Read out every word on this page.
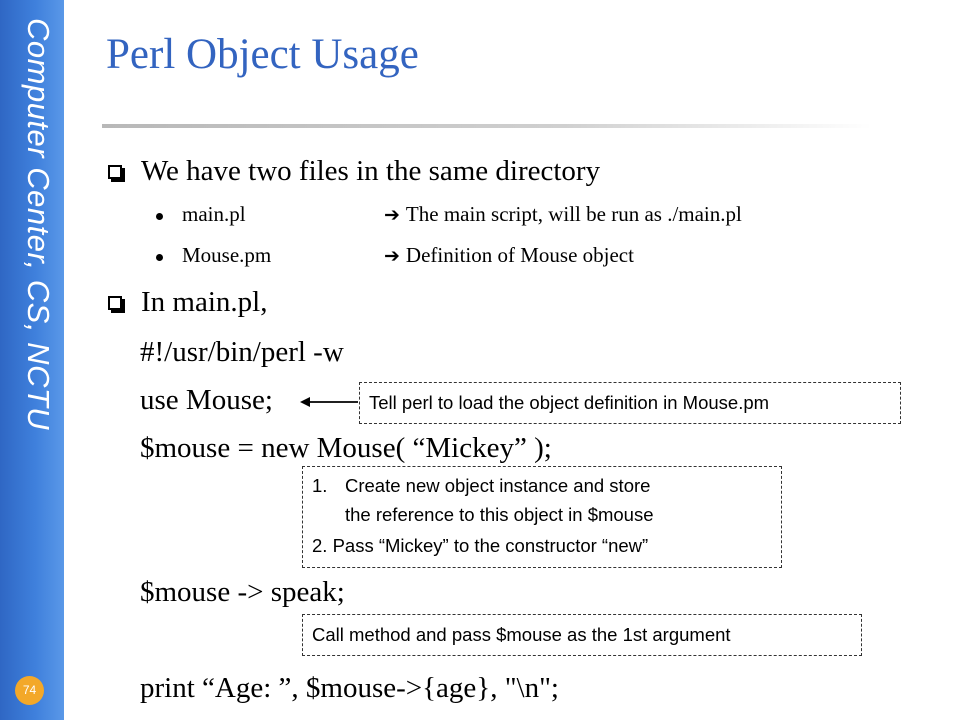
Computer Center, CS, NCTU
74
Perl Object Usage
We have two files in the same directory
main.pl	➔ The main script, will be run as ./main.pl
Mouse.pm	➔ Definition of Mouse object
In main.pl,
#!/usr/bin/perl -w
use Mouse;
$mouse = new Mouse( “Mickey” );
$mouse -> speak;
print “Age: ”, $mouse->{age}, "\n";
Tell perl to load the object definition in Mouse.pm
1. Create new object instance and store
the reference to this object in $mouse
2. Pass “Mickey” to the constructor “new”
Call method and pass $mouse as the 1st argument
